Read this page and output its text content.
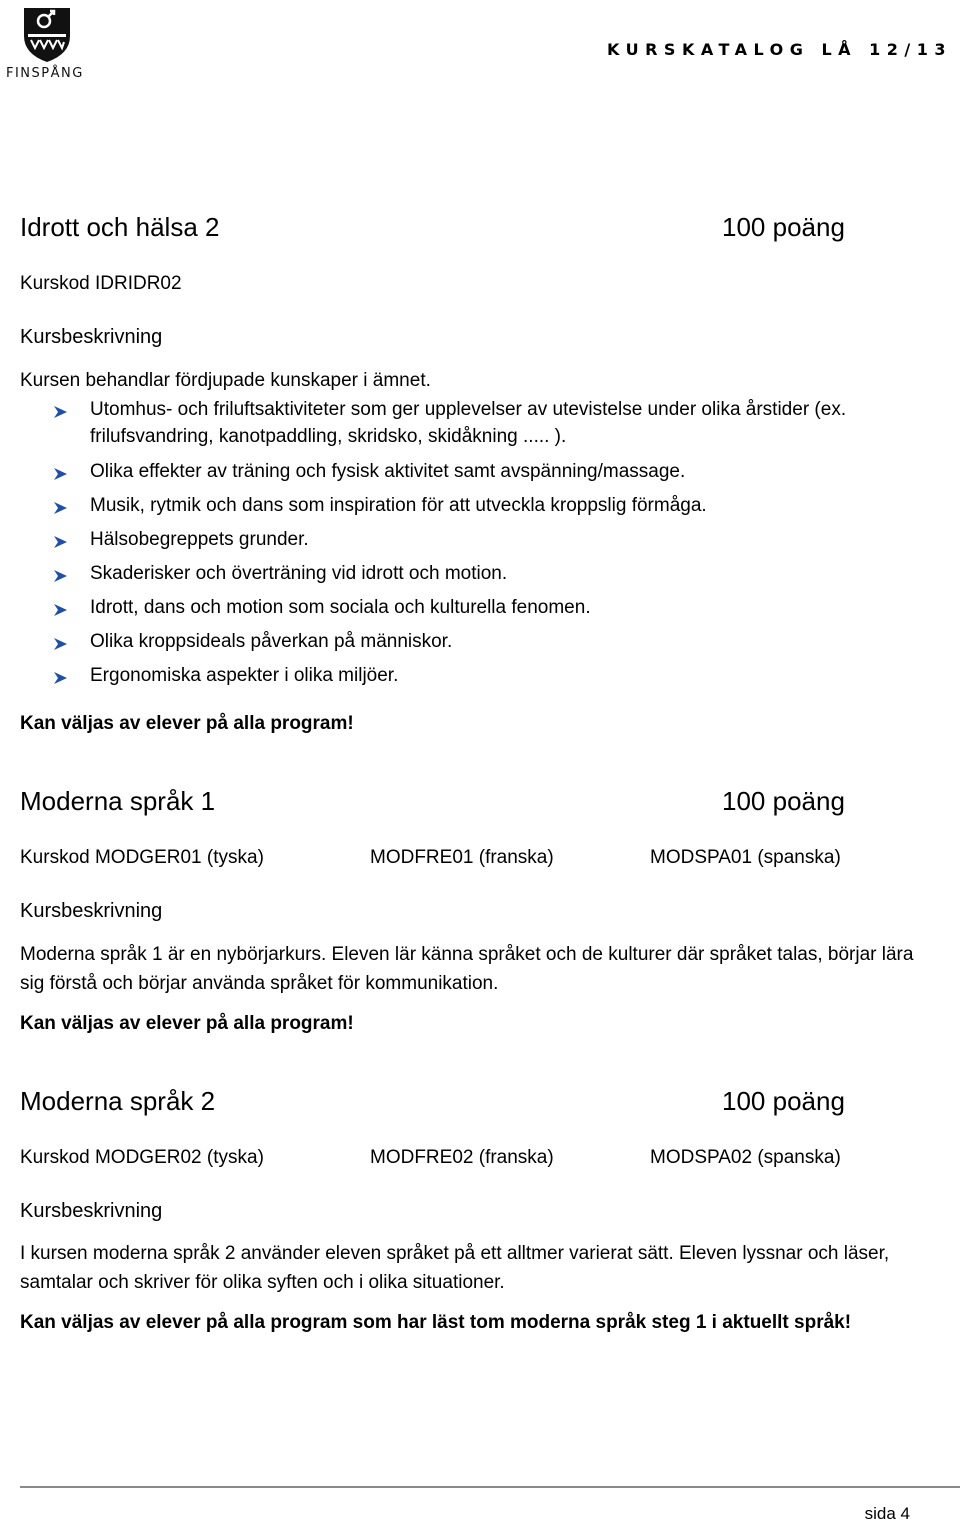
FINSPÅNG
KURSKATALOG LÅ 12/13
Idrott och hälsa 2	100 poäng
Kurskod IDRIDR02
Kursbeskrivning
Kursen behandlar fördjupade kunskaper i ämnet.
Utomhus- och friluftsaktiviteter som ger upplevelser av utevistelse under olika årstider (ex. frilufsvandring, kanotpaddling, skridsko, skidåkning ..... ).
Olika effekter av träning och fysisk aktivitet samt avspänning/massage.
Musik, rytmik och dans som inspiration för att utveckla kroppslig förmåga.
Hälsobegreppets grunder.
Skaderisker och överträning vid idrott och motion.
Idrott, dans och motion som sociala och kulturella fenomen.
Olika kroppsideals påverkan på människor.
Ergonomiska aspekter i olika miljöer.
Kan väljas av elever på alla program!
Moderna språk 1	100 poäng
Kurskod MODGER01 (tyska)	MODFRE01 (franska)	MODSPA01 (spanska)
Kursbeskrivning
Moderna språk 1 är en nybörjarkurs. Eleven lär känna språket och de kulturer där språket talas, börjar lära sig förstå och börjar använda språket för kommunikation.
Kan väljas av elever på alla program!
Moderna språk 2	100 poäng
Kurskod MODGER02 (tyska)	MODFRE02 (franska)	MODSPA02 (spanska)
Kursbeskrivning
I kursen moderna språk 2 använder eleven språket på ett alltmer varierat sätt. Eleven lyssnar och läser, samtalar och skriver för olika syften och i olika situationer.
Kan väljas av elever på alla program som har läst tom moderna språk steg 1 i aktuellt språk!
sida 4
